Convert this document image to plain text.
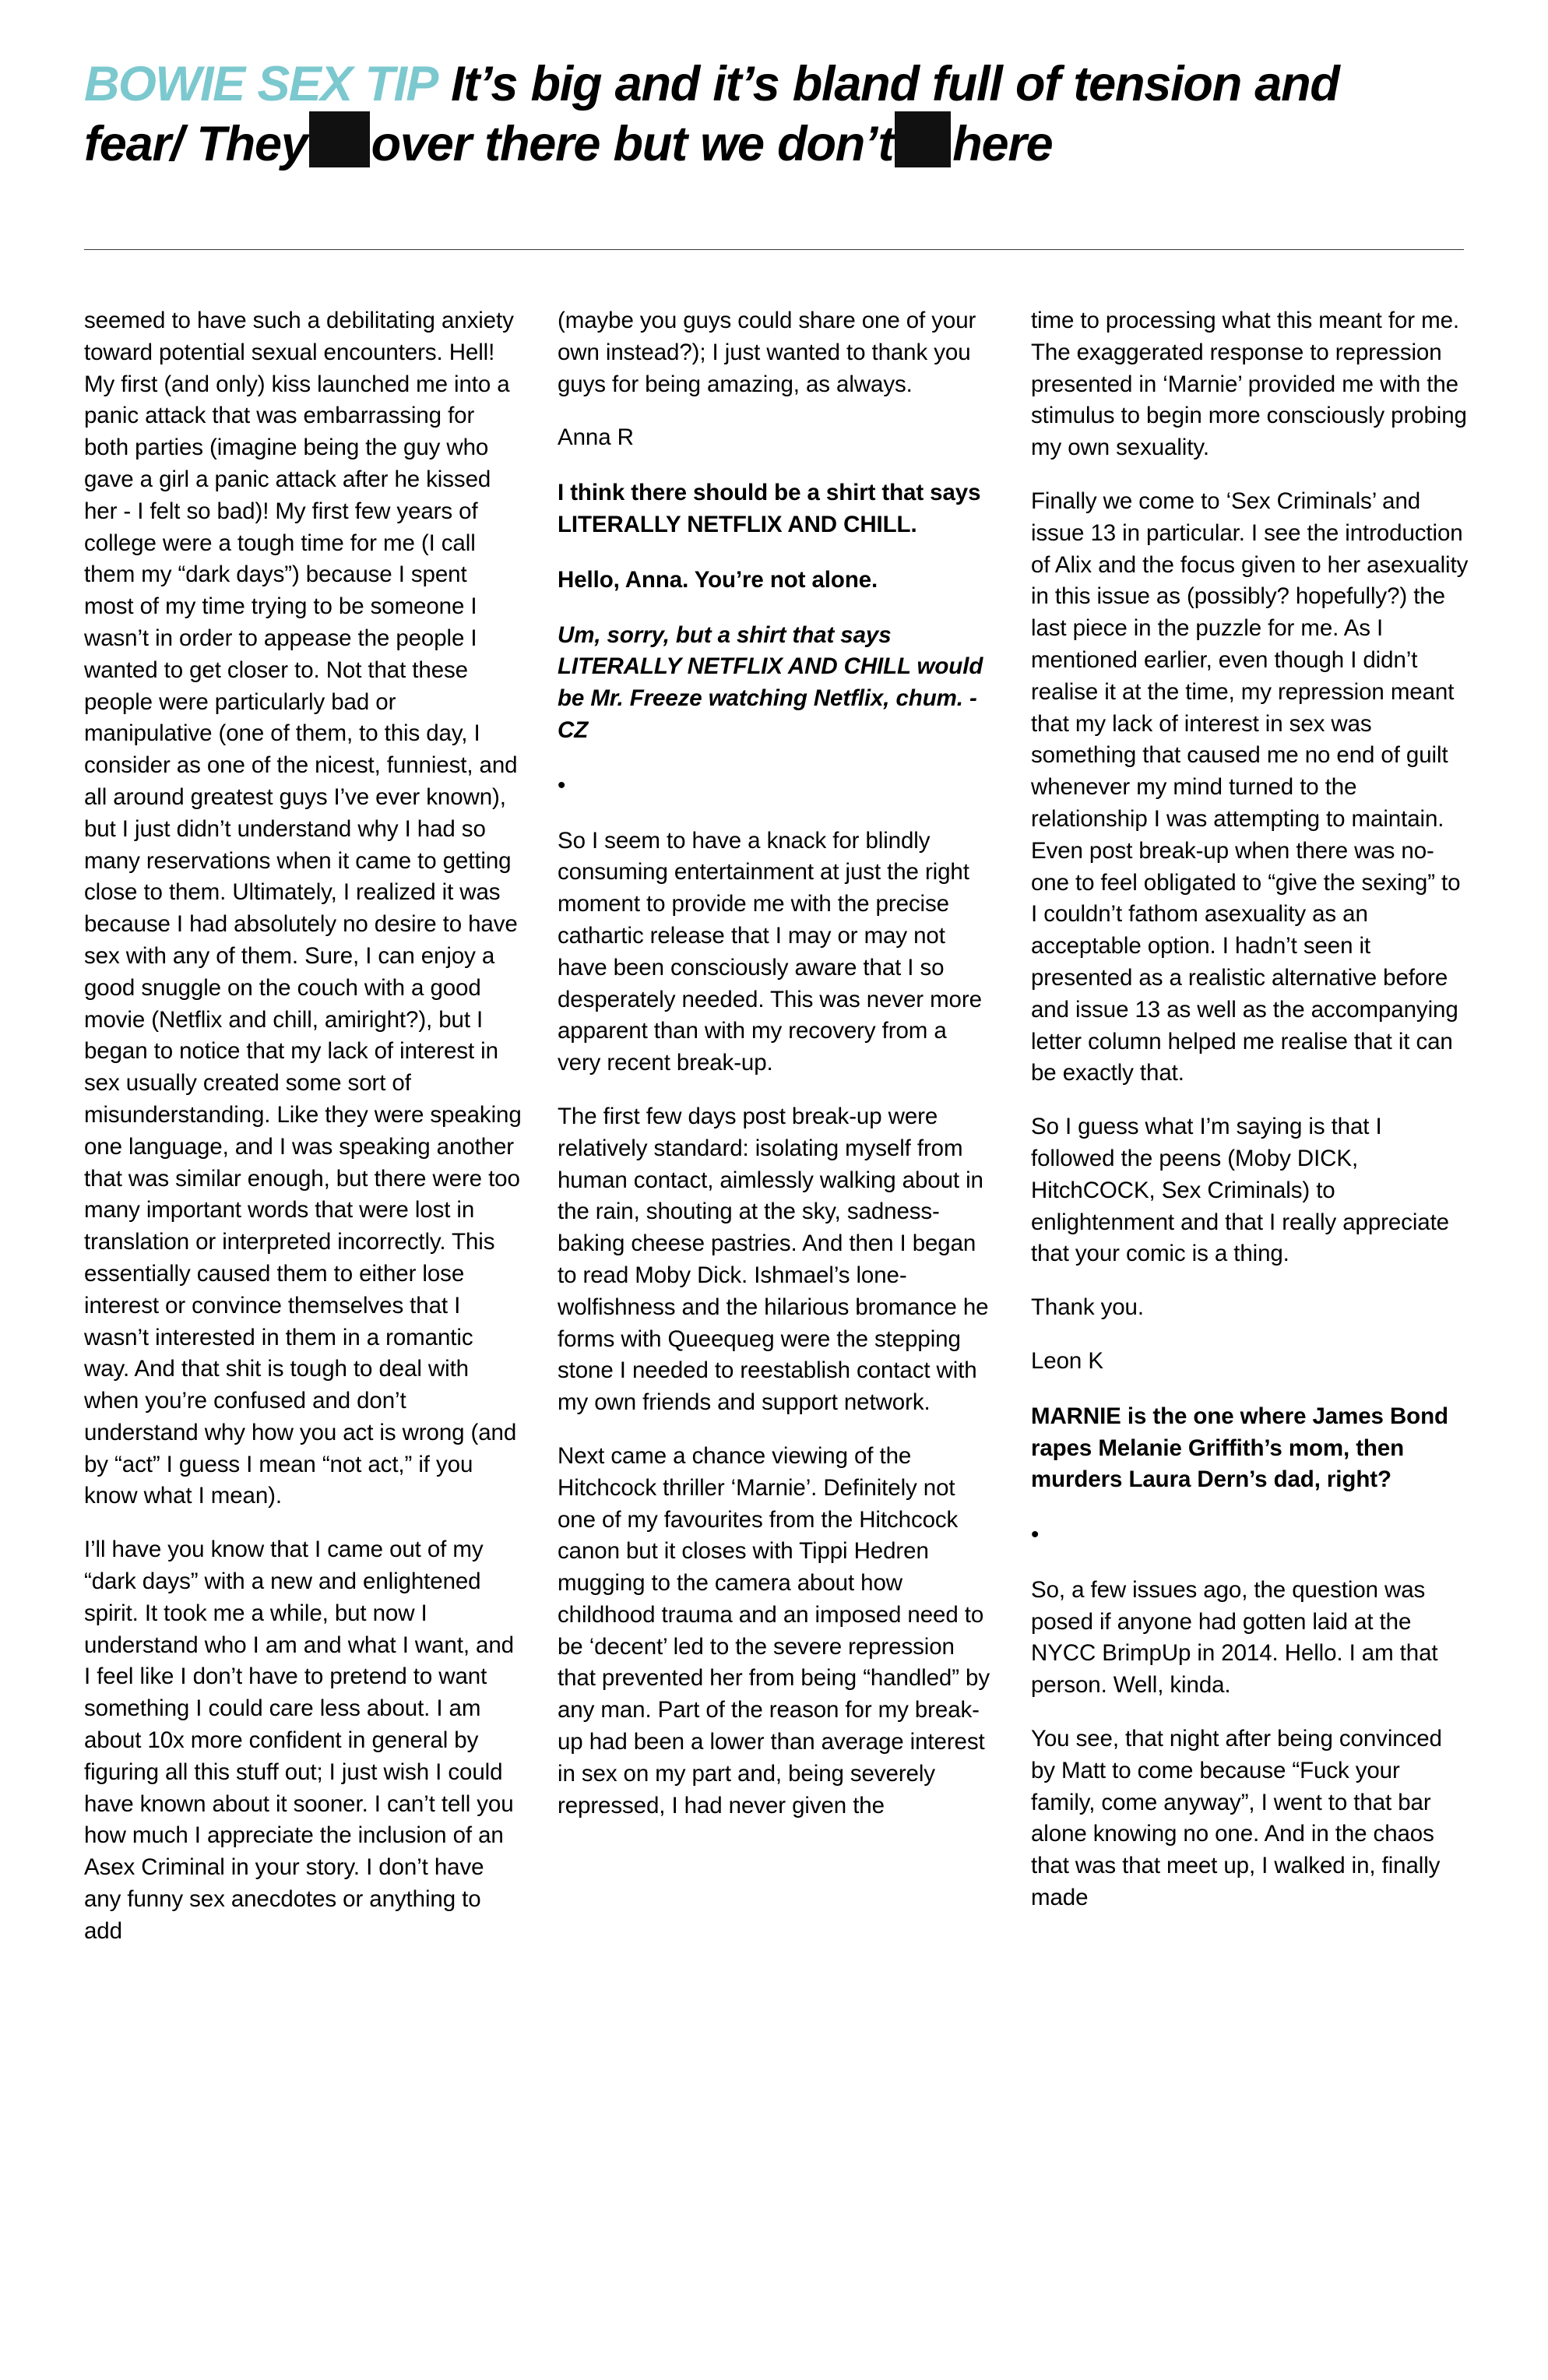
BOWIE SEX TIP It’s big and it’s bland full of tension and fear/ They over there but we don’t here

seemed to have such a debilitating anxiety toward potential sexual encounters. Hell! My first (and only) kiss launched me into a panic attack that was embarrassing for both parties (imagine being the guy who gave a girl a panic attack after he kissed her - I felt so bad)! My first few years of college were a tough time for me (I call them my “dark days”) because I spent most of my time trying to be someone I wasn’t in order to appease the people I wanted to get closer to. Not that these people were particularly bad or manipulative (one of them, to this day, I consider as one of the nicest, funniest, and all around greatest guys I’ve ever known), but I just didn’t understand why I had so many reservations when it came to getting close to them. Ultimately, I realized it was because I had absolutely no desire to have sex with any of them. Sure, I can enjoy a good snuggle on the couch with a good movie (Netflix and chill, amiright?), but I began to notice that my lack of interest in sex usually created some sort of misunderstanding. Like they were speaking one language, and I was speaking another that was similar enough, but there were too many important words that were lost in translation or interpreted incorrectly. This essentially caused them to either lose interest or convince themselves that I wasn’t interested in them in a romantic way. And that shit is tough to deal with when you’re confused and don’t understand why how you act is wrong (and by “act” I guess I mean “not act,” if you know what I mean).

I’ll have you know that I came out of my “dark days” with a new and enlightened spirit. It took me a while, but now I understand who I am and what I want, and I feel like I don’t have to pretend to want something I could care less about. I am about 10x more confident in general by figuring all this stuff out; I just wish I could have known about it sooner. I can’t tell you how much I appreciate the inclusion of an Asex Criminal in your story. I don’t have any funny sex anecdotes or anything to add

(maybe you guys could share one of your own instead?); I just wanted to thank you guys for being amazing, as always.

Anna R

I think there should be a shirt that says LITERALLY NETFLIX AND CHILL.

Hello, Anna. You’re not alone.

Um, sorry, but a shirt that says LITERALLY NETFLIX AND CHILL would be Mr. Freeze watching Netflix, chum. -CZ

•

So I seem to have a knack for blindly consuming entertainment at just the right moment to provide me with the precise cathartic release that I may or may not have been consciously aware that I so desperately needed. This was never more apparent than with my recovery from a very recent break-up.

The first few days post break-up were relatively standard: isolating myself from human contact, aimlessly walking about in the rain, shouting at the sky, sadness-baking cheese pastries. And then I began to read Moby Dick. Ishmael’s lone-wolfishness and the hilarious bromance he forms with Queequeg were the stepping stone I needed to reestablish contact with my own friends and support network.

Next came a chance viewing of the Hitchcock thriller ‘Marnie’. Definitely not one of my favourites from the Hitchcock canon but it closes with Tippi Hedren mugging to the camera about how childhood trauma and an imposed need to be ‘decent’ led to the severe repression that prevented her from being “handled” by any man. Part of the reason for my break-up had been a lower than average interest in sex on my part and, being severely repressed, I had never given the

time to processing what this meant for me. The exaggerated response to repression presented in ‘Marnie’ provided me with the stimulus to begin more consciously probing my own sexuality.

Finally we come to ‘Sex Criminals’ and issue 13 in particular. I see the introduction of Alix and the focus given to her asexuality in this issue as (possibly? hopefully?) the last piece in the puzzle for me. As I mentioned earlier, even though I didn’t realise it at the time, my repression meant that my lack of interest in sex was something that caused me no end of guilt whenever my mind turned to the relationship I was attempting to maintain. Even post break-up when there was no-one to feel obligated to “give the sexing” to I couldn’t fathom asexuality as an acceptable option. I hadn’t seen it presented as a realistic alternative before and issue 13 as well as the accompanying letter column helped me realise that it can be exactly that.

So I guess what I’m saying is that I followed the peens (Moby DICK, HitchCOCK, Sex Criminals) to enlightenment and that I really appreciate that your comic is a thing.

Thank you.

Leon K

MARNIE is the one where James Bond rapes Melanie Griffith’s mom, then murders Laura Dern’s dad, right?

•

So, a few issues ago, the question was posed if anyone had gotten laid at the NYCC BrimpUp in 2014. Hello. I am that person. Well, kinda.

You see, that night after being convinced by Matt to come because “Fuck your family, come anyway”, I went to that bar alone knowing no one. And in the chaos that was that meet up, I walked in, finally made
